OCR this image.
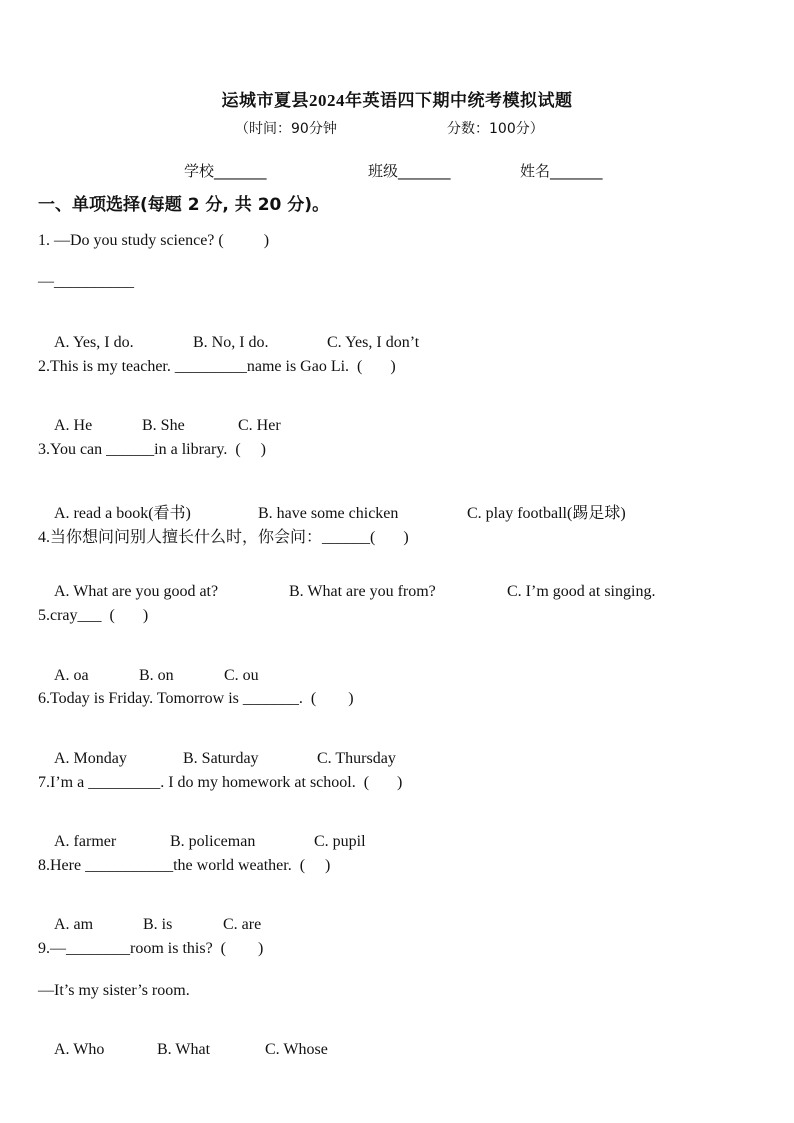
运城市夏县2024年英语四下期中统考模拟试题
（时间：90分钟	分数：100分）
学校_______	班级_______	姓名_______
一、单项选择(每题 2 分, 共 20 分)。
1. —Do you study science? (          )
—__________

A. Yes, I do.	B. No, I do.	C. Yes, I don’t

2.This is my teacher. _________name is Gao Li.  (       )

A. He	B. She	C. Her

3.You can ______in a library.  (     )

A. read a book(看书)	B. have some chicken	C. play football(踢足球)

4.当你想问问别人擅长什么时，你会问：______(       )

A. What are you good at?	B. What are you from?	C. I’m good at singing.

5.cray___  (       )

A. oa	B. on	C. ou

6.Today is Friday. Tomorrow is _______.  (        )

A. Monday	B. Saturday	C. Thursday

7.I’m a _________. I do my homework at school.  (       )

A. farmer	B. policeman	C. pupil

8.Here ___________the world weather.  (     )

A. am	B. is	C. are

9.—________room is this?  (        )
—It’s my sister’s room.

A. Who	B. What	C. Whose
